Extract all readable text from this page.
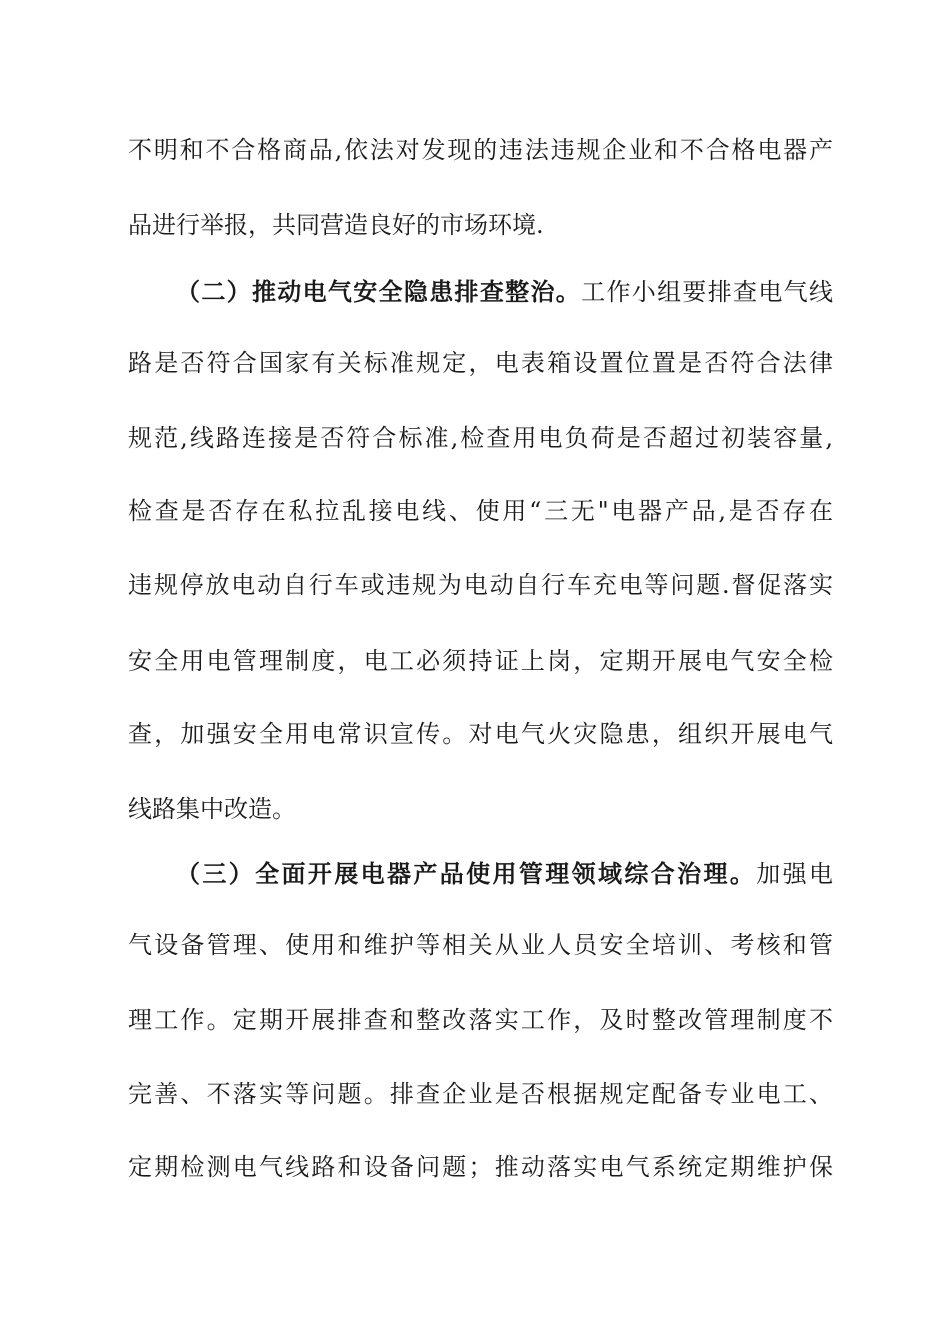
不明和不合格商品,依法对发现的违法违规企业和不合格电器产
品进行举报，共同营造良好的市场环境.
（二）推动电气安全隐患排查整治。工作小组要排查电气线
路是否符合国家有关标准规定，电表箱设置位置是否符合法律
规范,线路连接是否符合标准,检查用电负荷是否超过初装容量,
检查是否存在私拉乱接电线、使用“三无"电器产品,是否存在
违规停放电动自行车或违规为电动自行车充电等问题.督促落实
安全用电管理制度，电工必须持证上岗，定期开展电气安全检
查，加强安全用电常识宣传。对电气火灾隐患，组织开展电气
线路集中改造。
（三）全面开展电器产品使用管理领域综合治理。加强电
气设备管理、使用和维护等相关从业人员安全培训、考核和管
理工作。定期开展排查和整改落实工作，及时整改管理制度不
完善、不落实等问题。排查企业是否根据规定配备专业电工、
定期检测电气线路和设备问题；推动落实电气系统定期维护保
